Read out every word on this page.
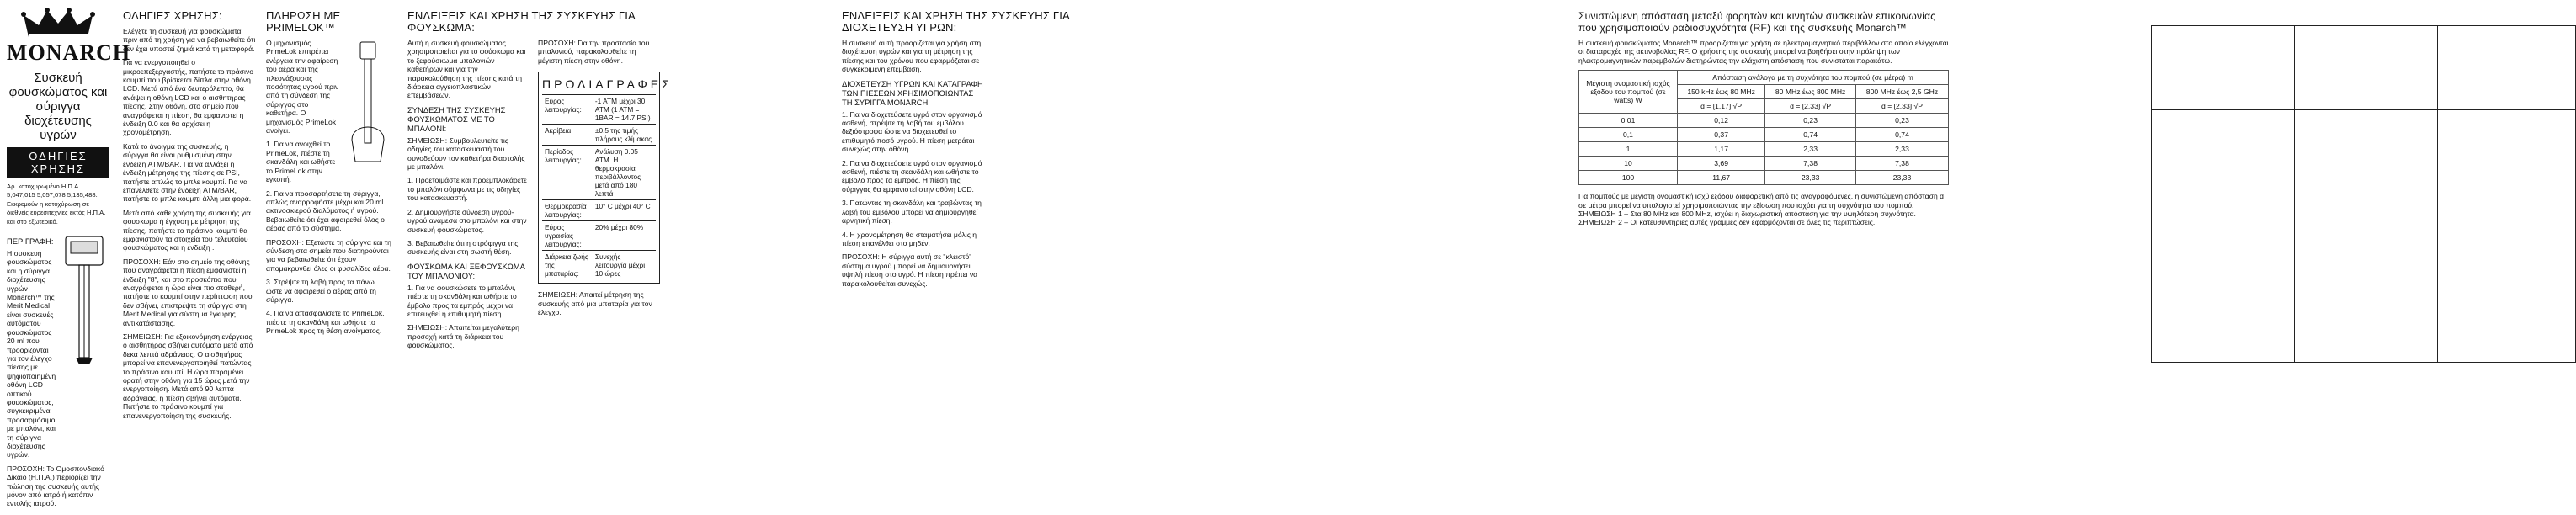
MONARCH

Συσκευή φουσκώματος και σύριγγα διοχέτευσης υγρών

ΟΔΗΓΙΕΣ ΧΡΗΣΗΣ

Αρ. κατοχυρωμένο Η.Π.Α. 5,047,015 5,057,078 5,135,488. Εκκρεμούν η κατοχύρωση σε διεθνείς ευρεσιτεχνίες εκτός Η.Π.Α. και στο εξωτερικό.

ΠΕΡΙΓΡΑΦΗ:

Η συσκευή φουσκώματος και η σύριγγα διοχέτευσης υγρών Monarch™ της Merit Medical είναι συσκευές αυτόματου φουσκώματος 20 ml που προορίζονται για τον έλεγχο πίεσης με ψηφιοποιημένη οθόνη LCD οπτικού φουσκώματος, συγκεκριμένα προσαρμόσιμο με μπαλόνι, και τη σύριγγα διοχέτευσης υγρών.

ΠΡΟΣΟΧΗ: Το Ομοσπονδιακό Δίκαιο (Η.Π.Α.) περιορίζει την πώληση της συσκευής αυτής μόνον από ιατρό ή κατόπιν εντολής ιατρού.

ΟΔΗΓΙΕΣ ΧΡΗΣΗΣ:

Ελέγξτε τη συσκευή για φουσκώματα πριν από τη χρήση για να βεβαιωθείτε ότι δεν έχει υποστεί ζημιά κατά τη μεταφορά.

Για να ενεργοποιηθεί ο μικροεπεξεργαστής, πατήστε το πράσινο κουμπί που βρίσκεται δίπλα στην οθόνη LCD. Μετά από ένα δευτερόλεπτο, θα ανάψει η οθόνη LCD και ο αισθητήρας πίεσης. Στην οθόνη, στο σημείο που αναγράφεται η πίεση, θα εμφανιστεί η ένδειξη 0.0 και θα αρχίσει η χρονομέτρηση.

Κατά το άνοιγμα της συσκευής, η σύριγγα θα είναι ρυθμισμένη στην ένδειξη ATM/BAR. Για να αλλάξει η ένδειξη μέτρησης της πίεσης σε PSI, πατήστε απλώς το μπλε κουμπί. Για να επανέλθετε στην ένδειξη ATM/BAR, πατήστε το μπλε κουμπί άλλη μια φορά.

Μετά από κάθε χρήση της συσκευής για φουσκωμα ή έγχυση με μέτρηση της πίεσης, πατήστε το πράσινο κουμπί θα εμφανιστούν τα στοιχεία του τελευταίου φουσκώματος και η ένδειξη .

ΠΡΟΣΟΧΗ: Εάν στο σημείο της οθόνης που αναγράφεται η πίεση εμφανιστεί η ένδειξη "8", και στο προσκόπιο που αναγράφεται η ώρα είναι πιο σταθερή, πατήστε το κουμπί στην περίπτωση που δεν σβήνει, επιστρέψτε τη σύριγγα στη Merit Medical για σύστημα έγκυρης αντικατάστασης.

ΣΗΜΕΙΩΣΗ: Για εξοικονόμηση ενέργειας ο αισθητήρας σβήνει αυτόματα μετά από δεκα λεπτά αδράνειας. Ο αισθητήρας μπορεί να επανενεργοποιηθεί πατώντας το πράσινο κουμπί. Η ώρα παραμένει ορατή στην οθόνη για 15 ώρες μετά την ενεργοποίηση. Μετά από 90 λεπτά αδράνειας, η πίεση σβήνει αυτόματα. Πατήστε το πράσινο κουμπί για επανενεργοποίηση της συσκευής.

ΠΛΗΡΩΣΗ ΜΕ PRIMELOK™

Ο μηχανισμός PrimeLok επιτρέπει ενέργεια την αφαίρεση του αέρα και της πλεονάζουσας ποσότητας υγρού πριν από τη σύνδεση της σύριγγας στο καθετήρα. Ο μηχανισμός PrimeLok ανοίγει.

1. Για να ανοιχθεί το PrimeLok, πιέστε τη σκανδάλη και ωθήστε το PrimeLok στην εγκοπή.

2. Για να προσαρτήσετε τη σύριγγα, απλώς αναρροφήστε μέχρι και 20 ml ακτινοσκιερού διαλύματος ή υγρού. Βεβαιωθείτε ότι έχει αφαιρεθεί όλος ο αέρας από το σύστημα.

ΠΡΟΣΟΧΗ: Εξετάστε τη σύριγγα και τη σύνδεση στα σημεία που διατηρούνται για να βεβαιωθείτε ότι έχουν απομακρυνθεί όλες οι φυσαλίδες αέρα.

3. Στρέψτε τη λαβή προς τα πάνω ώστε να αφαιρεθεί ο αέρας από τη σύριγγα.

4. Για να απασφαλίσετε το PrimeLok, πιέστε τη σκανδάλη και ωθήστε το PrimeLok προς τη θέση ανοίγματος.

ΕΝΔΕΙΞΕΙΣ ΚΑΙ ΧΡΗΣΗ ΤΗΣ ΣΥΣΚΕΥΗΣ ΓΙΑ ΦΟΥΣΚΩΜΑ:

Αυτή η συσκευή φουσκώματος χρησιμοποιείται για το φούσκωμα και το ξεφούσκωμα μπαλονιών καθετήρων και για την παρακολούθηση της πίεσης κατά τη διάρκεια αγγειοπλαστικών επεμβάσεων.

ΣΥΝΔΕΣΗ ΤΗΣ ΣΥΣΚΕΥΗΣ ΦΟΥΣΚΩΜΑΤΟΣ ΜΕ ΤΟ ΜΠΑΛΟΝΙ:

ΣΗΜΕΙΩΣΗ: Συμβουλευτείτε τις οδηγίες του κατασκευαστή του συνοδεύουν τον καθετήρα διαστολής με μπαλόνι.

1. Προετοιμάστε και προεμπλοκάρετε το μπαλόνι σύμφωνα με τις οδηγίες του κατασκευαστή.

2. Δημιουργήστε σύνδεση υγρού-υγρού ανάμεσα στο μπαλόνι και στην συσκευή φουσκώματος.

3. Βεβαιωθείτε ότι η στρόφιγγα της συσκευής είναι στη σωστή θέση.

ΦΟΥΣΚΩΜΑ ΚΑΙ ΞΕΦΟΥΣΚΩΜΑ ΤΟΥ ΜΠΑΛΟΝΙΟΥ:

1. Για να φουσκώσετε το μπαλόνι, πιέστε τη σκανδάλη και ωθήστε το έμβολο προς τα εμπρός μέχρι να επιτευχθεί η επιθυμητή πίεση.

ΣΗΜΕΙΩΣΗ: Απαιτείται μεγαλύτερη προσοχή κατά τη διάρκεια του φουσκώματος.

ΠΡΟΣΟΧΗ: Για την προστασία του μπαλονιού, παρακολουθείτε τη μέγιστη πίεση στην οθόνη.

ΠΡΟΔΙΑΓΡΑΦΕΣ
Εύρος λειτουργίας:	-1 ATM μέχρι 30 ATM (1 ATM = 1BAR = 14.7 PSI)
Ακρίβεια:	±0.5 της τιμής πλήρους κλίμακας
Περίοδος λειτουργίας:	Ανάλυση 0.05 ATM. Η θερμοκρασία περιβάλλοντος μετά από 180 λεπτά
Θερμοκρασία λειτουργίας:	10° C μέχρι 40° C
Εύρος υγρασίας λειτουργίας:	20% μέχρι 80%
Διάρκεια ζωής της μπαταρίας:	Συνεχής λειτουργία μέχρι 10 ώρες

ΣΗΜΕΙΩΣΗ: Απαιτεί μέτρηση της συσκευής από μια μπαταρία για τον έλεγχο.

ΕΝΔΕΙΞΕΙΣ ΚΑΙ ΧΡΗΣΗ ΤΗΣ ΣΥΣΚΕΥΗΣ ΓΙΑ ΔΙΟΧΕΤΕΥΣΗ ΥΓΡΩΝ:

Η συσκευή αυτή προορίζεται για χρήση στη διοχέτευση υγρών και για τη μέτρηση της πίεσης και του χρόνου που εφαρμόζεται σε συγκεκριμένη επέμβαση.

ΔΙΟΧΕΤΕΥΣΗ ΥΓΡΩΝ ΚΑΙ ΚΑΤΑΓΡΑΦΗ ΤΩΝ ΠΙΕΣΕΩΝ ΧΡΗΣΙΜΟΠΟΙΩΝΤΑΣ ΤΗ ΣΥΡΙΓΓΑ MONARCH:

1. Για να διοχετεύσετε υγρό στον οργανισμό ασθενή, στρέψτε τη λαβή του εμβόλου δεξιόστροφα ώστε να διοχετευθεί το επιθυμητό ποσό υγρού. Η πίεση μετράται συνεχώς στην οθόνη.

2. Για να διοχετεύσετε υγρό στον οργανισμό ασθενή, πιέστε τη σκανδάλη και ωθήστε το έμβολο προς τα εμπρός. Η πίεση της σύριγγας θα εμφανιστεί στην οθόνη LCD.

3. Πατώντας τη σκανδάλη και τραβώντας τη λαβή του εμβόλου μπορεί να δημιουργηθεί αρνητική πίεση.

4. Η χρονομέτρηση θα σταματήσει μόλις η πίεση επανέλθει στο μηδέν.

ΠΡΟΣΟΧΗ: Η σύριγγα αυτή σε "κλειστό" σύστημα υγρού μπορεί να δημιουργήσει υψηλή πίεση στο υγρό. Η πίεση πρέπει να παρακολουθείται συνεχώς.

Συνιστώμενη απόσταση μεταξύ φορητών και κινητών συσκευών επικοινωνίας που χρησιμοποιούν ραδιοσυχνότητα (RF) και της συσκευής Monarch™

Η συσκευή φουσκώματος Monarch™ προορίζεται για χρήση σε ηλεκτρομαγνητικό περιβάλλον στο οποίο ελέγχονται οι διαταραχές της ακτινοβολίας RF. Ο χρήστης της συσκευής μπορεί να βοηθήσει στην πρόληψη των ηλεκτρομαγνητικών παρεμβολών διατηρώντας την ελάχιστη απόσταση που συνιστάται παρακάτω.

Μέγιστη ονομαστική ισχύς εξόδου του πομπού (σε watts) W	Απόσταση ανάλογα με τη συχνότητα του πομπού (σε μέτρα) m		
	150 kHz έως 80 MHz	80 MHz έως 800 MHz	800 MHz έως 2,5 GHz
	d = [1.17] √P	d = [2.33] √P	d = [2.33] √P
0,01	0,12	0,23	0,23
0,1	0,37	0,74	0,74
1	1,17	2,33	2,33
10	3,69	7,38	7,38
100	11,67	23,33	23,33

Για πομπούς με μέγιστη ονομαστική ισχύ εξόδου διαφορετική από τις αναγραφόμενες, η συνιστώμενη απόσταση d σε μέτρα μπορεί να υπολογιστεί χρησιμοποιώντας την εξίσωση που ισχύει για τη συχνότητα του πομπού. ΣΗΜΕΙΩΣΗ 1 – Στα 80 MHz και 800 MHz, ισχύει η διαχωριστική απόσταση για την υψηλότερη συχνότητα. ΣΗΜΕΙΩΣΗ 2 – Οι κατευθυντήριες αυτές γραμμές δεν εφαρμόζονται σε όλες τις περιπτώσεις.
